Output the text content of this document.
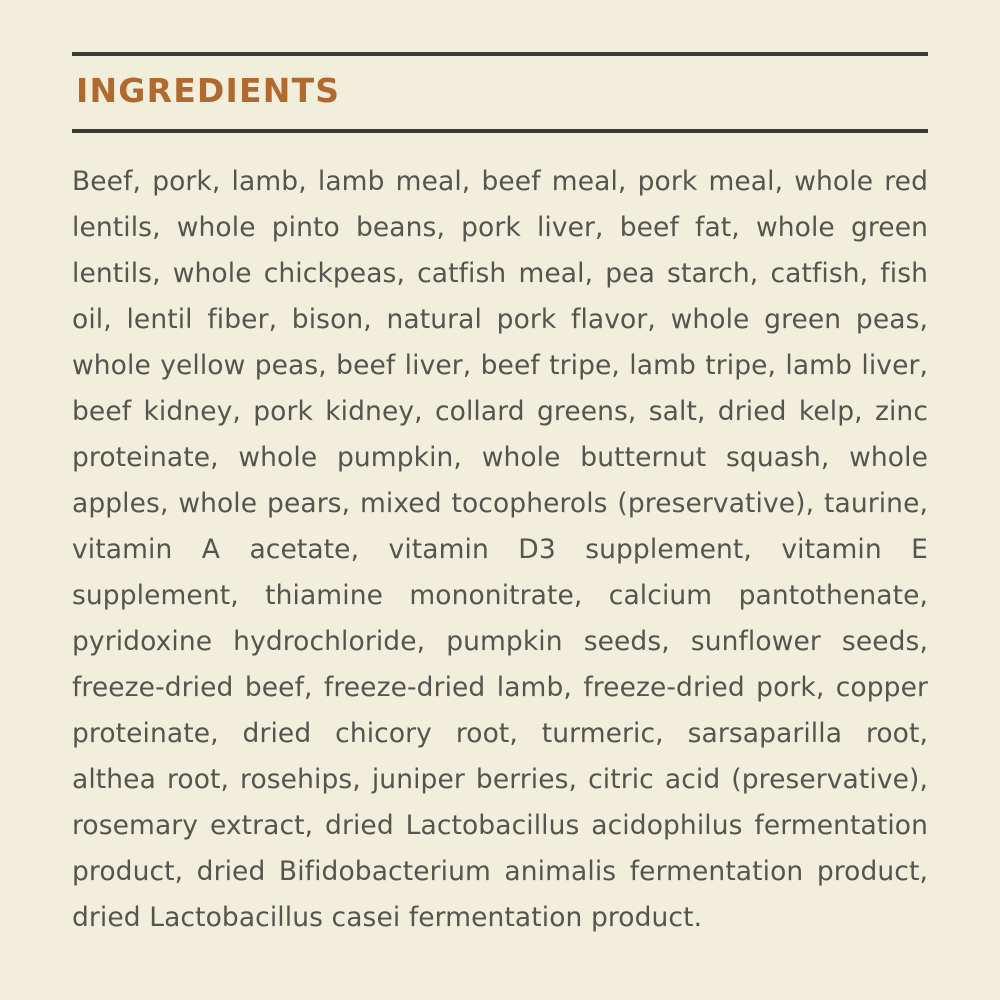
INGREDIENTS
Beef, pork, lamb, lamb meal, beef meal, pork meal, whole red lentils, whole pinto beans, pork liver, beef fat, whole green lentils, whole chickpeas, catfish meal, pea starch, catfish, fish oil, lentil fiber, bison, natural pork flavor, whole green peas, whole yellow peas, beef liver, beef tripe, lamb tripe, lamb liver, beef kidney, pork kidney, collard greens, salt, dried kelp, zinc proteinate, whole pumpkin, whole butternut squash, whole apples, whole pears, mixed tocopherols (preservative), taurine, vitamin A acetate, vitamin D3 supplement, vitamin E supplement, thiamine mononitrate, calcium pantothenate, pyridoxine hydrochloride, pumpkin seeds, sunflower seeds, freeze-dried beef, freeze-dried lamb, freeze-dried pork, copper proteinate, dried chicory root, turmeric, sarsaparilla root, althea root, rosehips, juniper berries, citric acid (preservative), rosemary extract, dried Lactobacillus acidophilus fermentation product, dried Bifidobacterium animalis fermentation product, dried Lactobacillus casei fermentation product.
